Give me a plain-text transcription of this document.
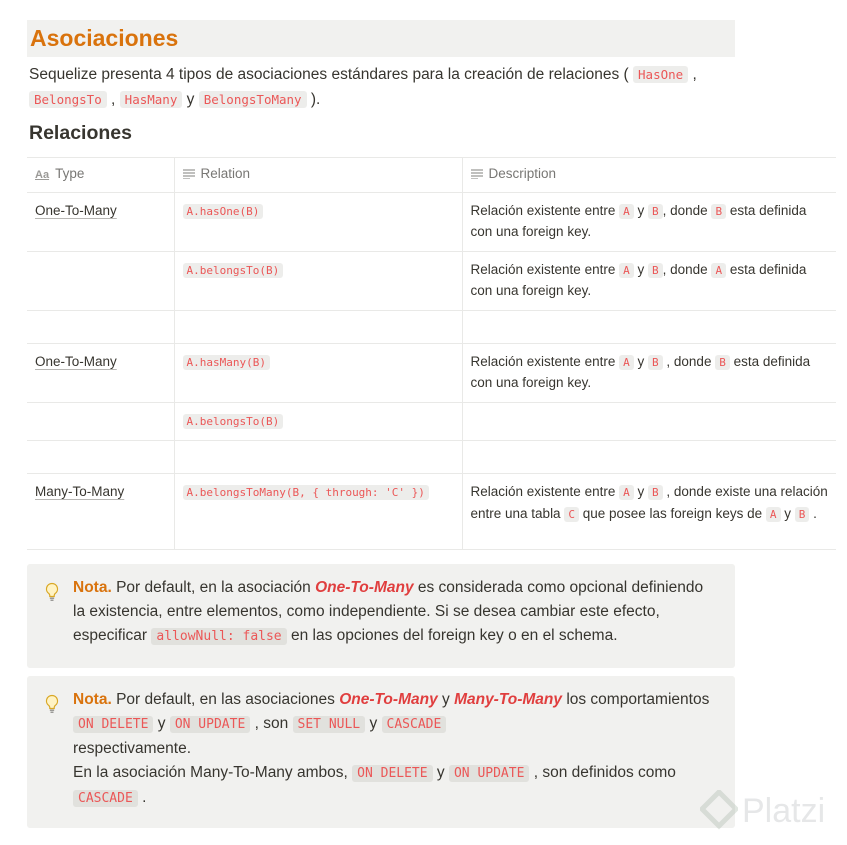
Asociaciones
Sequelize presenta 4 tipos de asociaciones estándares para la creación de relaciones ( HasOne ,
BelongsTo , HasMany y BelongsToMany ).
Relaciones
Aa Type	Relation	Description
One-To-Many	A.hasOne(B)	Relación existente entre A y B , donde B esta definida con una foreign key.
	A.belongsTo(B)	Relación existente entre A y B , donde A esta definida con una foreign key.

One-To-Many	A.hasMany(B)	Relación existente entre A y B , donde B esta definida con una foreign key.
	A.belongsTo(B)	

Many-To-Many	A.belongsToMany(B, { through: 'C' })	Relación existente entre A y B , donde existe una relación entre una tabla C que posee las foreign keys de A y B .
Nota. Por default, en la asociación One-To-Many es considerada como opcional definiendo la existencia, entre elementos, como independiente. Si se desea cambiar este efecto, especificar allowNull: false en las opciones del foreign key o en el schema.
Nota. Por default, en las asociaciones One-To-Many y Many-To-Many los comportamientos ON DELETE y ON UPDATE , son SET NULL y CASCADE
respectivamente.
En la asociación Many-To-Many ambos, ON DELETE y ON UPDATE , son definidos como
CASCADE .	Platzi
